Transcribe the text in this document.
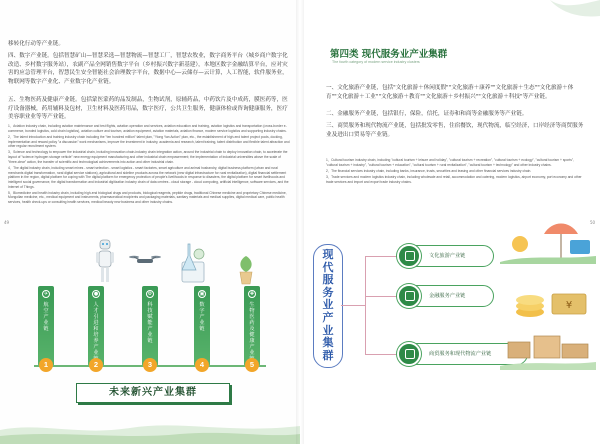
移转化行动等产业链。
四、数字产业链。包括智慧矿山—智慧采选—智慧物流—智慧工厂，智慧农牧业，数字商务平台（城乡商户数字化改造、乡村数字服务站），农副产品全网销售数字平台（乡村振兴数字新基建），本地区数字金融结算平台，应对灾害的应急管理平台，智慧民生安全智能社会治理数字平台，数据中心—云储存—云计算，人工智能，软件服务业，物联网等数字产业化、产业数字化产业链。
五、生物医药及健康产业链。包括蒙医蒙药的品发制品，生物试剂，原辅药品，中药饮片及中成药，膜医药等，医疗设备器械，药用辅料及包材，卫生材料及医药用品，数字医疗，公共卫生服务，健康体检或咨询健康服务，医疗美容职业业等等产业链。

1、Aviation industry chain, including aviation maintenance and test flights, aviation operation and services, aviation education and training, aviation logistics and transportation (cross-border e-commerce, bonded logistics, cold chain logistics), aviation culture and tourism, aviation equipment, aviation materials, aviation finance, modern service logistics and supporting industry chains.

2、The talent introduction and training industry chain including the "ten hundred million" talent plan, "Yiong Yan Action" plan, etc., the establishment of high-end talent project pools, docking, implementation and reward policy "a discussion" work mechanisms, improve the investment in industry, academia and research, talent training, talent distribution and flexible talent attraction and other regular recruitment system.

3、Science and technology to empower the industrial chain, including innovation chain-industry chain integration action, around the industrial chain to deploy innovation chain, to accelerate the layout of "science hydrogen storage vehicle" new energy equipment manufacturing and other industrial chain empowerment; the implementation of industrial universities above the scale of "three-clear" action, the transfer of scientific and technological achievements into action and other industrial chain.

4、The digital industry chain, including smart mines - smart selection - smart logistics - smart factories, smart agriculture and animal husbandry, digital business platform (urban and rural merchants digital transformation, rural digital service stations), agricultural and sideline products across the network (new digital infrastructure for rural revitalization), digital financial settlement platform in the region, digital platform for coping with The digital platform for emergency protection of people's livelihoods in response to disasters, the digital platform for smart livelihoods and intelligent social governance, the digital transformation and industrial digitization industry chain of data centres - cloud storage - cloud computing, artificial intelligence, software services, and the Internet of Things.

5、Biomedicine and health industry chain, including high-end biological drugs and products, biological reagents, peptide drugs, traditional Chinese medicine and proprietary Chinese medicine, Mongolian medicine, etc., medical equipment and instruments, pharmaceutical excipients and packaging materials, sanitary materials and medical supplies, digital medical care, public health services, health check-ups or consulting health services, medical beauty new business and other industry chains.

✈
航空产业链
●
人才引进和培养产业
⚙
科技赋能产业链
▣
数字产业链
✚
生物医药及健康产业
1	2	3	4	5
未来新兴产业集群
49	50
第四类 现代服务业产业集群
The fourth category of modern service industry clusters
一、文化旅游产业链，包括"文化旅游＋休闲度假""文化旅游＋康养""文化旅游＋生态""文化旅游＋体育""文化旅游＋工业""文化旅游＋教育""文化旅游＋乡村振兴""文化旅游＋科技"等产业链。
二、金融服务产业链，包括银行，保险，信托，证券和和商等金融服务等产业链。
三、商贸服务和现代物流产业链，包括批发零售，住宿餐饮，现代物流，临空经济，口岸经济等商贸服务业及进出口贸易等产业链。

1、Cultural tourism industry chain, including "cultural tourism + leisure and holiday", "cultural tourism + recreation", "cultural tourism + ecology", "cultural tourism + sports", "cultural tourism + industry", "cultural tourism + education", "cultural tourism + rural revitalization", "cultural tourism + technology" and other industry chains.

2、The financial services industry chain, including banks, insurance, trusts, securities and leasing and other financial services industry chain.

3、Trade services and modern logistics industry chain, including wholesale and retail, accommodation and catering, modern logistics, airport economy, port economy and other trade services and import and export trade industry chains.

现代服务业产业集群
文化旅游产业链
金融服务产业链
商贸服务和现代物流产业链
¥
